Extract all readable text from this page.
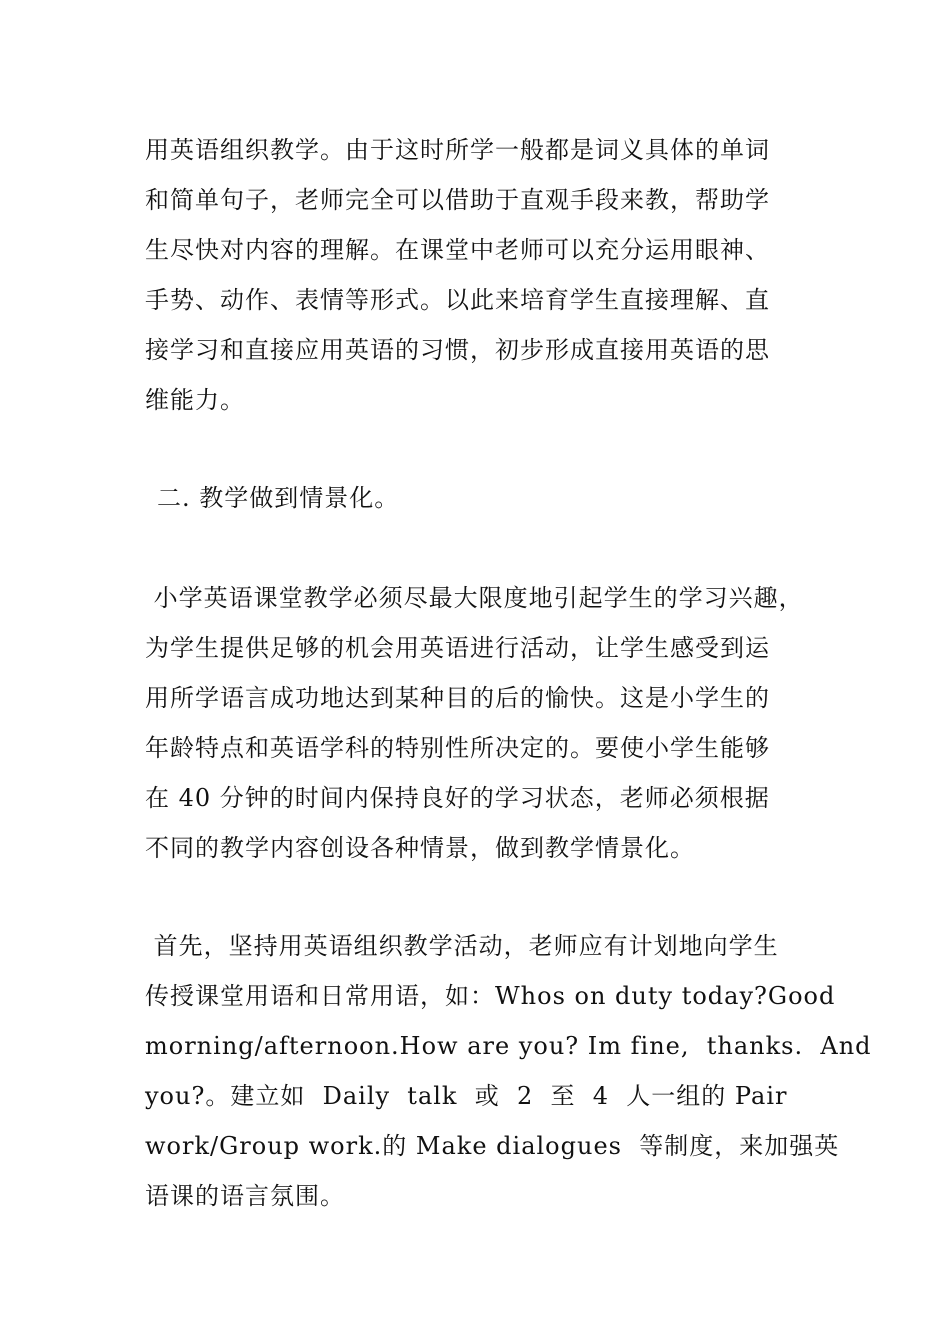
用英语组织教学。由于这时所学一般都是词义具体的单词
和简单句子，老师完全可以借助于直观手段来教，帮助学
生尽快对内容的理解。在课堂中老师可以充分运用眼神、
手势、动作、表情等形式。以此来培育学生直接理解、直
接学习和直接应用英语的习惯，初步形成直接用英语的思
维能力。
二. 教学做到情景化。
小学英语课堂教学必须尽最大限度地引起学生的学习兴趣，
为学生提供足够的机会用英语进行活动，让学生感受到运
用所学语言成功地达到某种目的后的愉快。这是小学生的
年龄特点和英语学科的特别性所决定的。要使小学生能够
在 40 分钟的时间内保持良好的学习状态，老师必须根据
不同的教学内容创设各种情景，做到教学情景化。
首先，坚持用英语组织教学活动，老师应有计划地向学生
传授课堂用语和日常用语，如：Whos on duty today?Good
morning/afternoon.How are you? Im fine,  thanks.  And
you?。建立如  Daily  talk  或  2  至  4  人一组的 Pair
work/Group work.的 Make dialogues  等制度，来加强英
语课的语言氛围。
